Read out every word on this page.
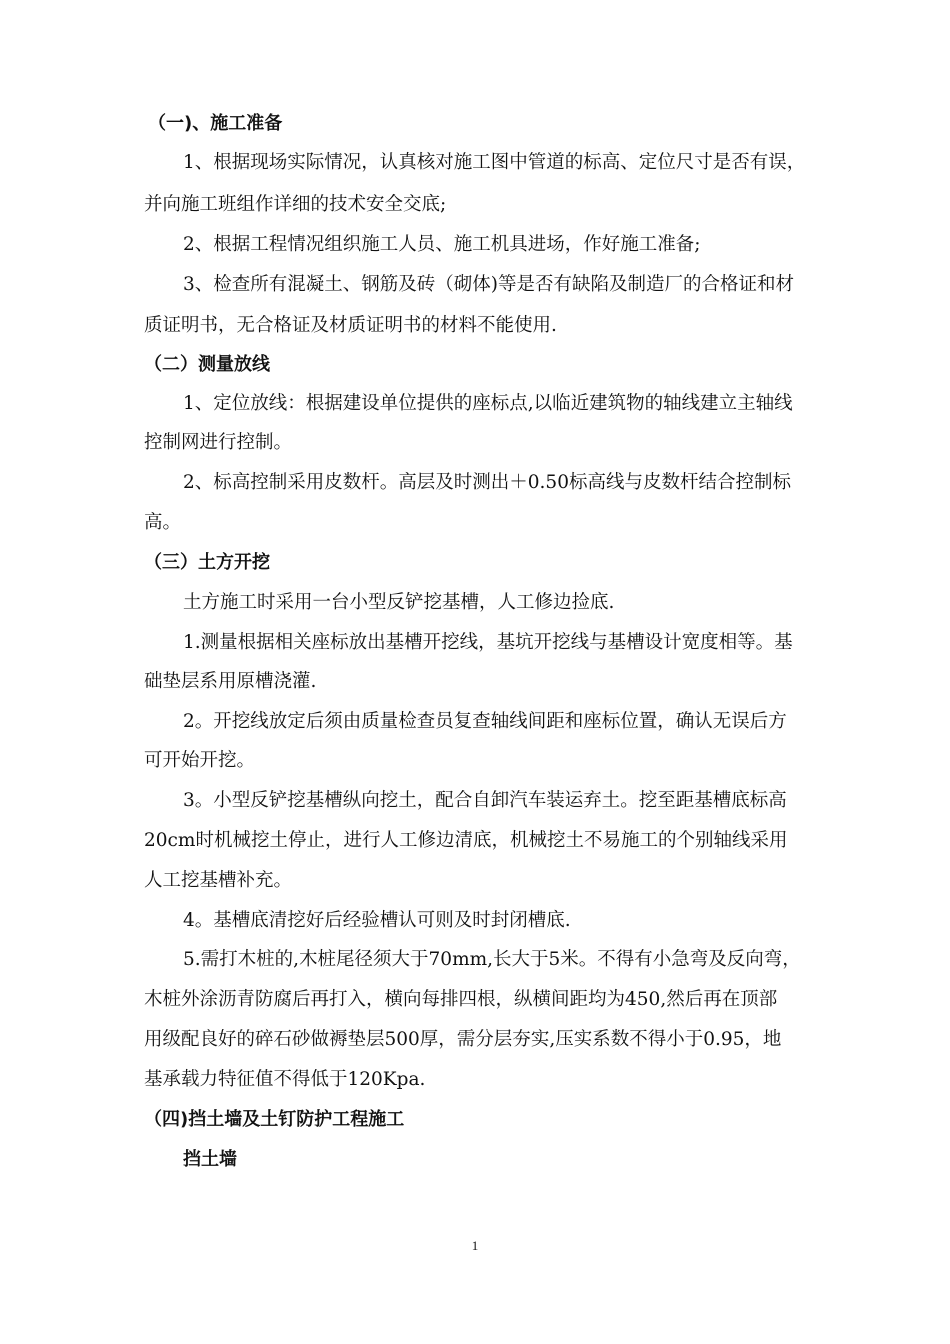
（一)、施工准备
1、根据现场实际情况，认真核对施工图中管道的标高、定位尺寸是否有误，
并向施工班组作详细的技术安全交底;
2、根据工程情况组织施工人员、施工机具进场，作好施工准备;
3、检查所有混凝土、钢筋及砖（砌体)等是否有缺陷及制造厂的合格证和材
质证明书，无合格证及材质证明书的材料不能使用.
（二）测量放线
1、定位放线：根据建设单位提供的座标点,以临近建筑物的轴线建立主轴线
控制网进行控制。
2、标高控制采用皮数杆。高层及时测出＋0.50标高线与皮数杆结合控制标
高。
（三）土方开挖
土方施工时采用一台小型反铲挖基槽，人工修边捡底.
1.测量根据相关座标放出基槽开挖线，基坑开挖线与基槽设计宽度相等。基
础垫层系用原槽浇灌.
2。开挖线放定后须由质量检查员复查轴线间距和座标位置，确认无误后方
可开始开挖。
3。小型反铲挖基槽纵向挖土，配合自卸汽车装运弃土。挖至距基槽底标高
20cm时机械挖土停止，进行人工修边清底，机械挖土不易施工的个别轴线采用
人工挖基槽补充。
4。基槽底清挖好后经验槽认可则及时封闭槽底.
5.需打木桩的,木桩尾径须大于70mm,长大于5米。不得有小急弯及反向弯，
木桩外涂沥青防腐后再打入，横向每排四根，纵横间距均为450,然后再在顶部
用级配良好的碎石砂做褥垫层500厚，需分层夯实,压实系数不得小于0.95，地
基承载力特征值不得低于120Kpa.
（四)挡土墙及土钉防护工程施工
挡土墙
1
